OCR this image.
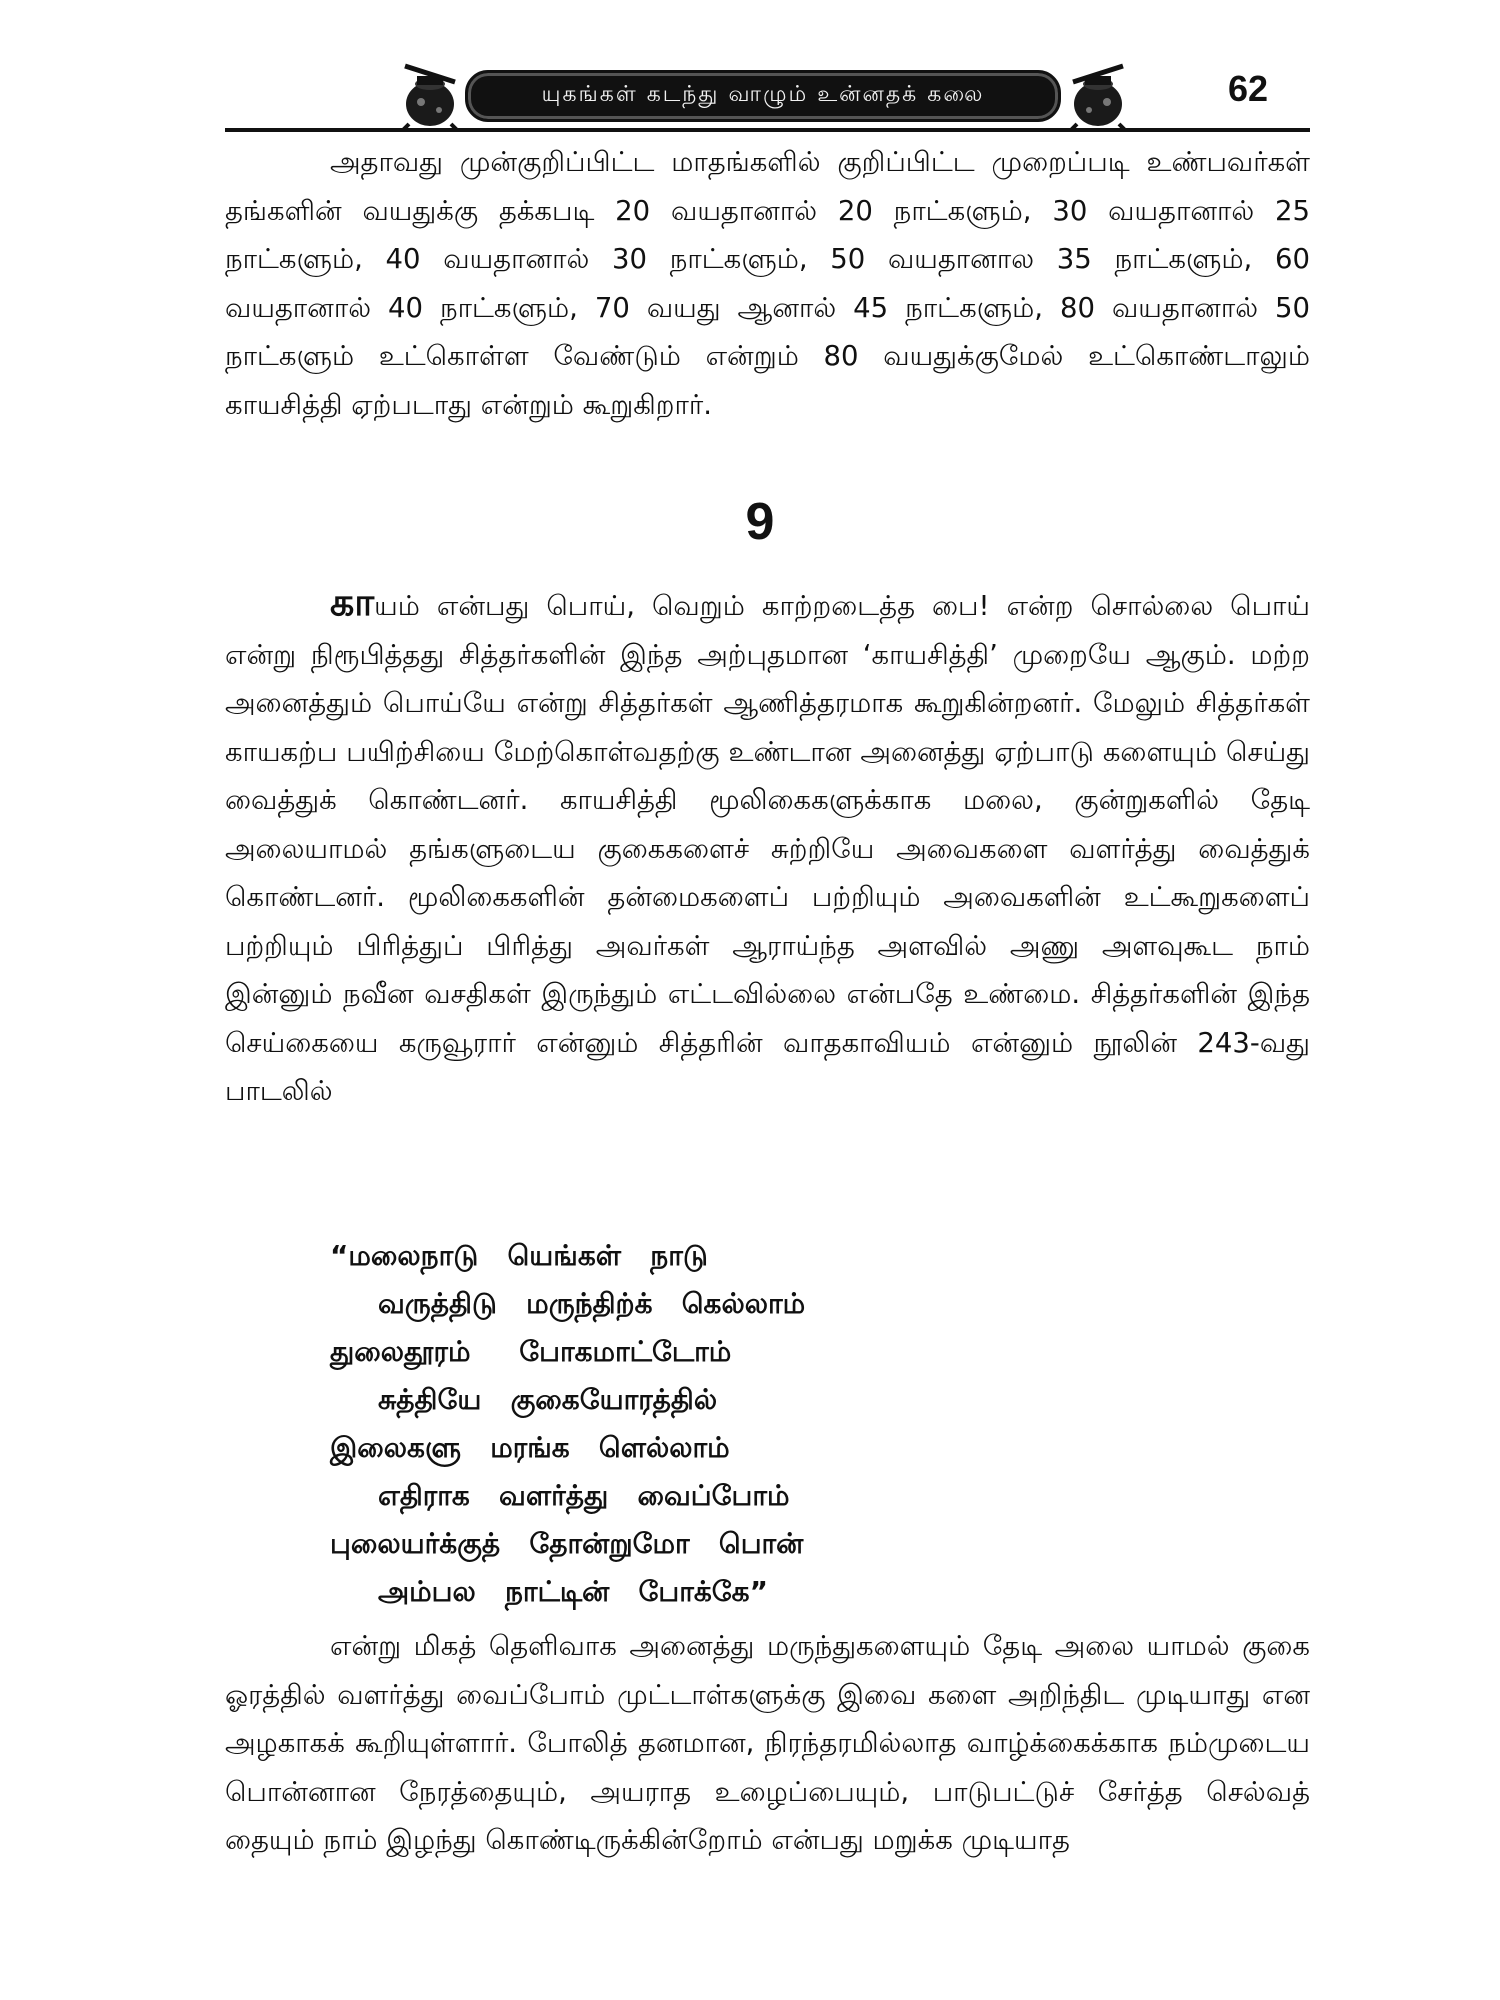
யுகங்கள் கடந்து வாழும் உன்னதக் கலை	62

அதாவது முன்குறிப்பிட்ட மாதங்களில் குறிப்பிட்ட முறைப்படி உண்பவர்கள் தங்களின் வயதுக்கு தக்கபடி 20 வயதானால் 20 நாட்களும், 30 வயதானால் 25 நாட்களும், 40 வயதானால் 30 நாட்களும், 50 வயதானால 35 நாட்களும், 60 வயதானால் 40 நாட்களும், 70 வயது ஆனால் 45 நாட்களும், 80 வயதானால் 50 நாட்களும் உட்கொள்ள வேண்டும் என்றும் 80 வயதுக்குமேல் உட்கொண்டாலும் காயசித்தி ஏற்படாது என்றும் கூறுகிறார்.

9

காயம் என்பது பொய், வெறும் காற்றடைத்த பை! என்ற சொல்லை பொய் என்று நிரூபித்தது சித்தர்களின் இந்த அற்புதமான ‘காயசித்தி’ முறையே ஆகும். மற்ற அனைத்தும் பொய்யே என்று சித்தர்கள் ஆணித்தரமாக கூறுகின்றனர். மேலும் சித்தர்கள் காயகற்ப பயிற்சியை மேற்கொள்வதற்கு உண்டான அனைத்து ஏற்பாடு களையும் செய்து வைத்துக் கொண்டனர். காயசித்தி மூலிகைகளுக்காக மலை, குன்றுகளில் தேடி அலையாமல் தங்களுடைய குகைகளைச் சுற்றியே அவைகளை வளர்த்து வைத்துக் கொண்டனர். மூலிகைகளின் தன்மைகளைப் பற்றியும் அவைகளின் உட்கூறுகளைப் பற்றியும் பிரித்துப் பிரித்து அவர்கள் ஆராய்ந்த அளவில் அணு அளவுகூட நாம் இன்னும் நவீன வசதிகள் இருந்தும் எட்டவில்லை என்பதே உண்மை. சித்தர்களின் இந்த செய்கையை கருவூரார் என்னும் சித்தரின் வாதகாவியம் என்னும் நூலின் 243-வது பாடலில்

“மலைநாடு   யெங்கள்   நாடு
வருத்திடு   மருந்திற்க்   கெல்லாம்
துலைதூரம்     போகமாட்டோம்
சுத்தியே   குகையோரத்தில்
இலைகளு   மரங்க   ளெல்லாம்
எதிராக   வளர்த்து   வைப்போம்
புலையர்க்குத்   தோன்றுமோ   பொன்
அம்பல   நாட்டின்   போக்கே”

என்று மிகத் தெளிவாக அனைத்து மருந்துகளையும் தேடி அலை யாமல் குகை ஓரத்தில் வளர்த்து வைப்போம் முட்டாள்களுக்கு இவை களை அறிந்திட முடியாது என அழகாகக் கூறியுள்ளார். போலித் தனமான, நிரந்தரமில்லாத வாழ்க்கைக்காக நம்முடைய பொன்னான நேரத்தையும், அயராத உழைப்பையும், பாடுபட்டுச் சேர்த்த செல்வத் தையும் நாம் இழந்து கொண்டிருக்கின்றோம் என்பது மறுக்க முடியாத
